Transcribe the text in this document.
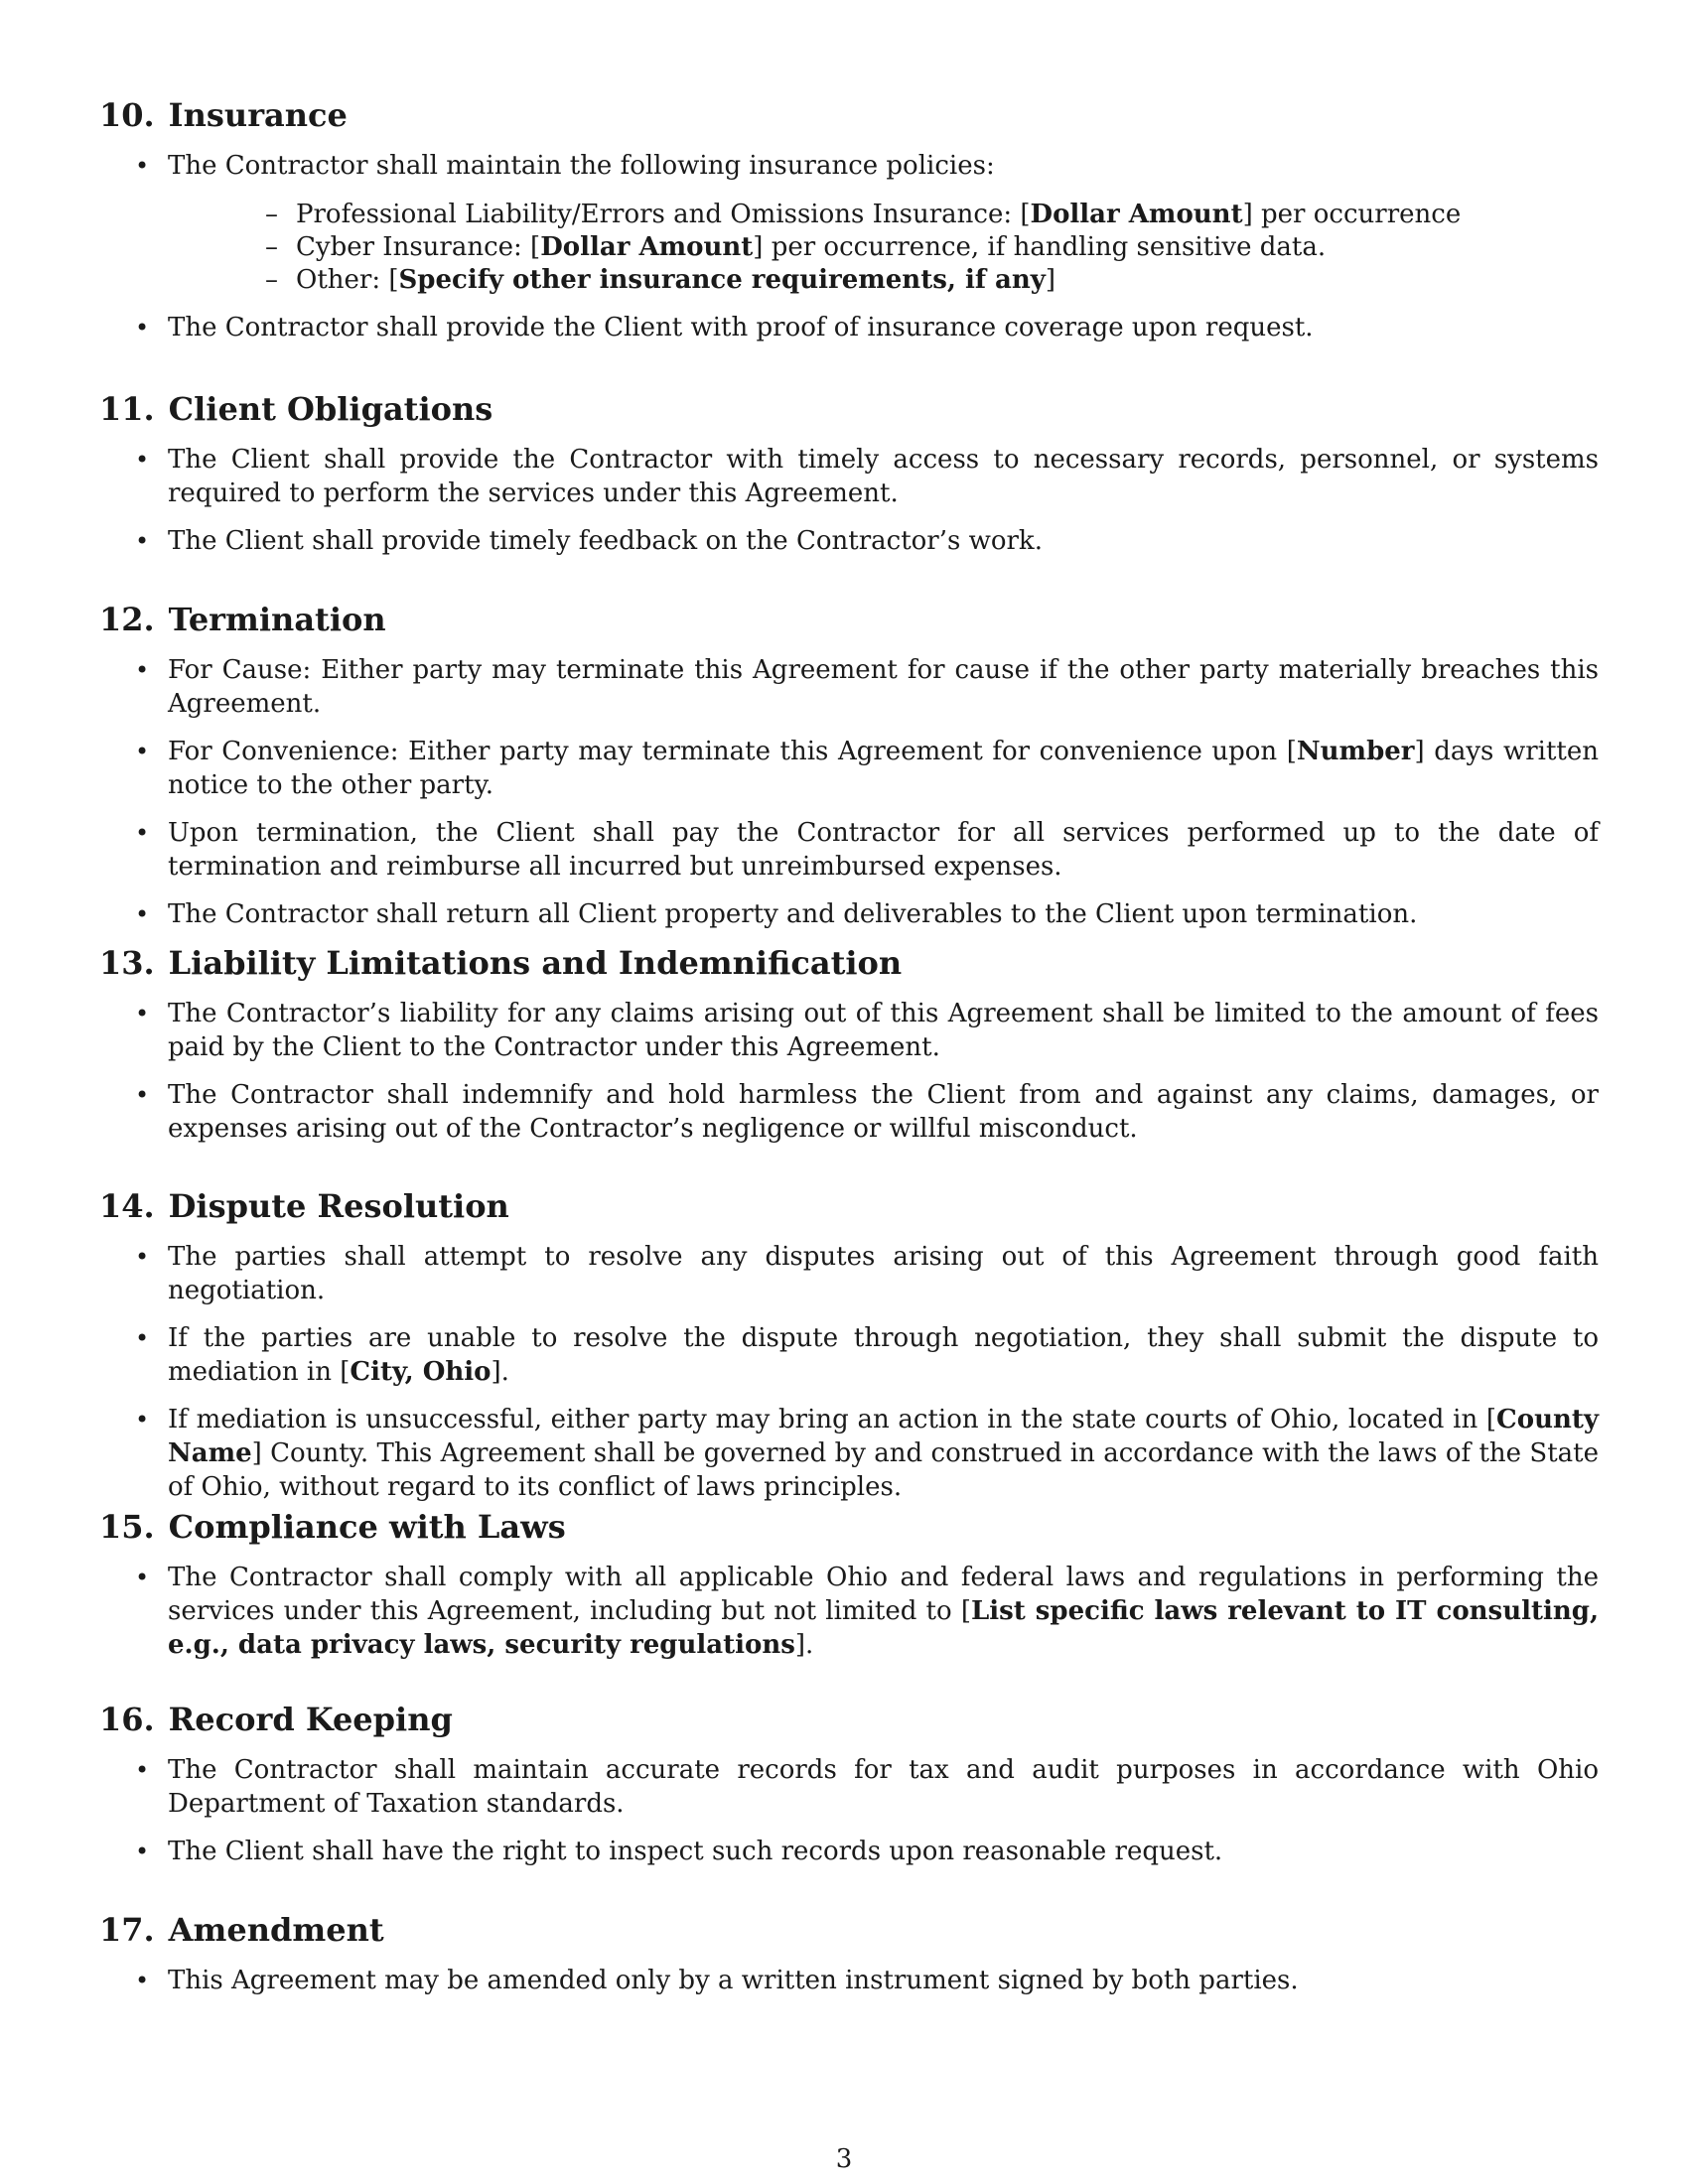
10. Insurance
• The Contractor shall maintain the following insurance policies:
– Professional Liability/Errors and Omissions Insurance: [Dollar Amount] per occurrence
– Cyber Insurance: [Dollar Amount] per occurrence, if handling sensitive data.
– Other: [Specify other insurance requirements, if any]
• The Contractor shall provide the Client with proof of insurance coverage upon request.
11. Client Obligations
• The Client shall provide the Contractor with timely access to necessary records, personnel, or systems required to perform the services under this Agreement.
• The Client shall provide timely feedback on the Contractor’s work.
12. Termination
• For Cause: Either party may terminate this Agreement for cause if the other party materially breaches this Agreement.
• For Convenience: Either party may terminate this Agreement for convenience upon [Number] days written notice to the other party.
• Upon termination, the Client shall pay the Contractor for all services performed up to the date of termination and reimburse all incurred but unreimbursed expenses.
• The Contractor shall return all Client property and deliverables to the Client upon termination.
13. Liability Limitations and Indemnification
• The Contractor’s liability for any claims arising out of this Agreement shall be limited to the amount of fees paid by the Client to the Contractor under this Agreement.
• The Contractor shall indemnify and hold harmless the Client from and against any claims, damages, or expenses arising out of the Contractor’s negligence or willful misconduct.
14. Dispute Resolution
• The parties shall attempt to resolve any disputes arising out of this Agreement through good faith negotiation.
• If the parties are unable to resolve the dispute through negotiation, they shall submit the dispute to mediation in [City, Ohio].
• If mediation is unsuccessful, either party may bring an action in the state courts of Ohio, located in [County Name] County. This Agreement shall be governed by and construed in accordance with the laws of the State of Ohio, without regard to its conflict of laws principles.
15. Compliance with Laws
• The Contractor shall comply with all applicable Ohio and federal laws and regulations in performing the services under this Agreement, including but not limited to [List specific laws relevant to IT consulting, e.g., data privacy laws, security regulations].
16. Record Keeping
• The Contractor shall maintain accurate records for tax and audit purposes in accordance with Ohio Department of Taxation standards.
• The Client shall have the right to inspect such records upon reasonable request.
17. Amendment
• This Agreement may be amended only by a written instrument signed by both parties.
3
